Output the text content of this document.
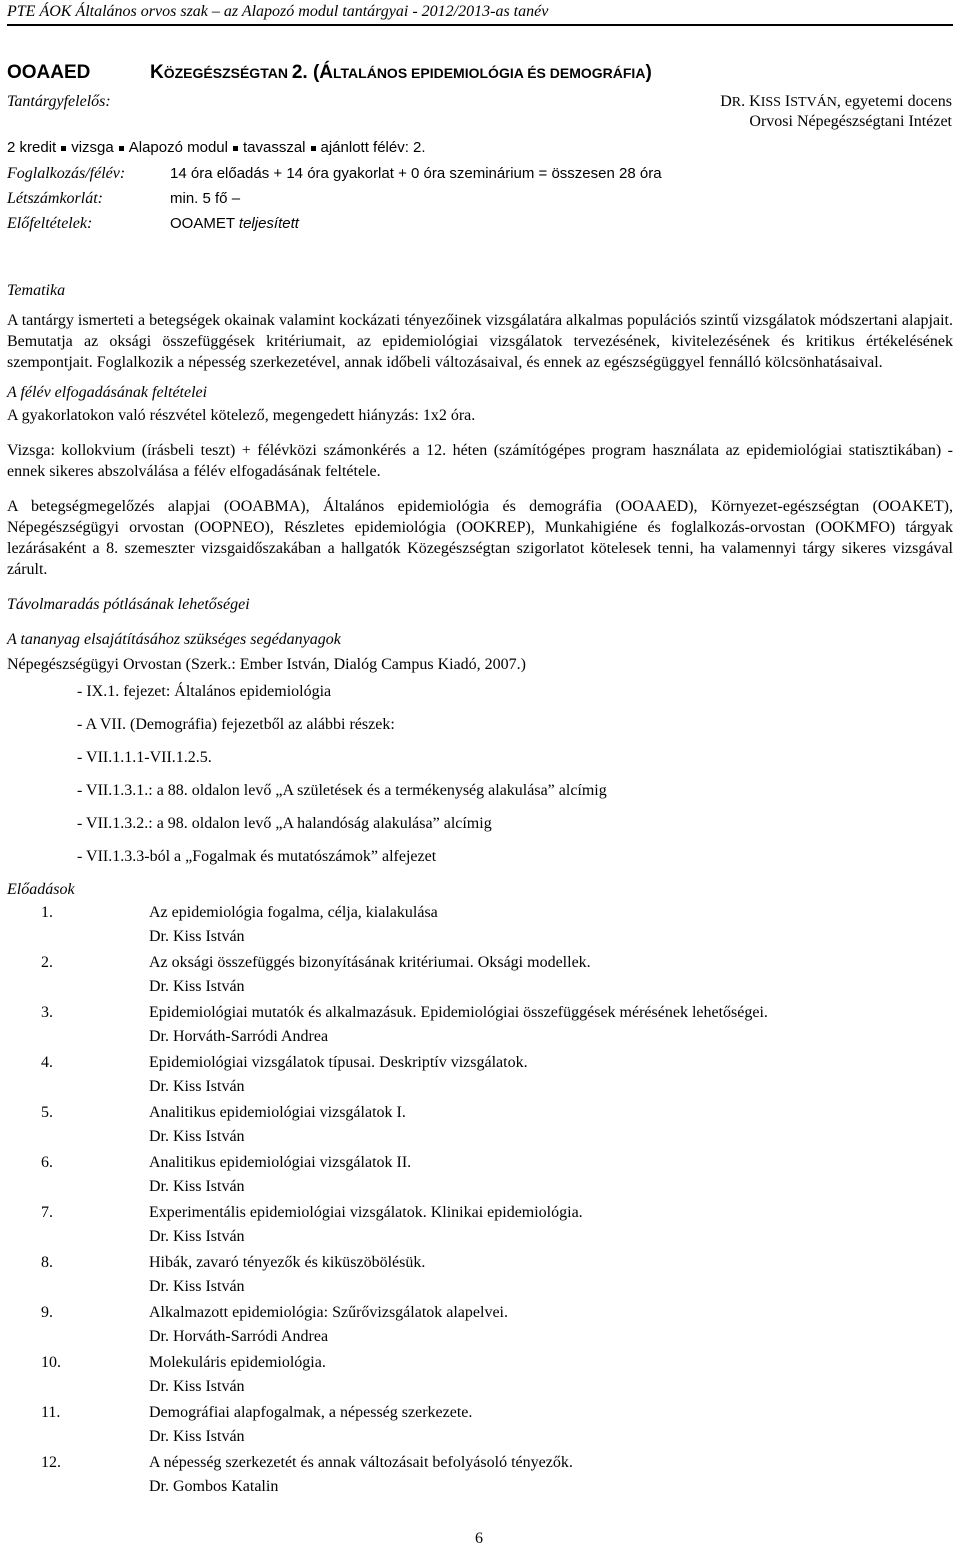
PTE ÁOK Általános orvos szak – az Alapozó modul tantárgyai - 2012/2013-as tanév
OOAAED	KÖZEGÉSZSÉGTAN 2. (ÁLTALÁNOS EPIDEMIOLÓGIA ÉS DEMOGRÁFIA)
Tantárgyfelelős:	DR. KISS ISTVÁN, egyetemi docens
Orvosi Népegészségtani Intézet
2 kredit vizsga Alapozó modul tavasszal ajánlott félév: 2.
Foglalkozás/félév:	14 óra előadás + 14 óra gyakorlat + 0 óra szeminárium = összesen 28 óra
Létszámkorlát:	min. 5 fő –
Előfeltételek:	OOAMET teljesített

Tematika

A tantárgy ismerteti a betegségek okainak valamint kockázati tényezőinek vizsgálatára alkalmas populációs szintű vizsgálatok módszertani alapjait. Bemutatja az oksági összefüggések kritériumait, az epidemiológiai vizsgálatok tervezésének, kivitelezésének és kritikus értékelésének szempontjait. Foglalkozik a népesség szerkezetével, annak időbeli változásaival, és ennek az egészségüggyel fennálló kölcsönhatásaival.

A félév elfogadásának feltételei

A gyakorlatokon való részvétel kötelező, megengedett hiányzás: 1x2 óra.

Vizsga: kollokvium (írásbeli teszt) + félévközi számonkérés a 12. héten (számítógépes program használata az epidemiológiai statisztikában) - ennek sikeres abszolválása a félév elfogadásának feltétele.

A betegségmegelőzés alapjai (OOABMA), Általános epidemiológia és demográfia (OOAAED), Környezet-egészségtan (OOAKET), Népegészségügyi orvostan (OOPNEO), Részletes epidemiológia (OOKREP), Munkahigiéne és foglalkozás-orvostan (OOKMFO) tárgyak lezárásaként a 8. szemeszter vizsgaidőszakában a hallgatók Közegészségtan szigorlatot kötelesek tenni, ha valamennyi tárgy sikeres vizsgával zárult.

Távolmaradás pótlásának lehetőségei

A tananyag elsajátításához szükséges segédanyagok

Népegészségügyi Orvostan (Szerk.: Ember István, Dialóg Campus Kiadó, 2007.)

- IX.1. fejezet: Általános epidemiológia
- A VII. (Demográfia) fejezetből az alábbi részek:
- VII.1.1.1-VII.1.2.5.
- VII.1.3.1.: a 88. oldalon levő „A születések és a termékenység alakulása” alcímig
- VII.1.3.2.: a 98. oldalon levő „A halandóság alakulása” alcímig
- VII.1.3.3-ból a „Fogalmak és mutatószámok” alfejezet

Előadások

1.	Az epidemiológia fogalma, célja, kialakulása
Dr. Kiss István
2.	Az oksági összefüggés bizonyításának kritériumai. Oksági modellek.
Dr. Kiss István
3.	Epidemiológiai mutatók és alkalmazásuk. Epidemiológiai összefüggések mérésének lehetőségei.
Dr. Horváth-Sarródi Andrea
4.	Epidemiológiai vizsgálatok típusai. Deskriptív vizsgálatok.
Dr. Kiss István
5.	Analitikus epidemiológiai vizsgálatok I.
Dr. Kiss István
6.	Analitikus epidemiológiai vizsgálatok II.
Dr. Kiss István
7.	Experimentális epidemiológiai vizsgálatok. Klinikai epidemiológia.
Dr. Kiss István
8.	Hibák, zavaró tényezők és kiküszöbölésük.
Dr. Kiss István
9.	Alkalmazott epidemiológia: Szűrővizsgálatok alapelvei.
Dr. Horváth-Sarródi Andrea
10.	Molekuláris epidemiológia.
Dr. Kiss István
11.	Demográfiai alapfogalmak, a népesség szerkezete.
Dr. Kiss István
12.	A népesség szerkezetét és annak változásait befolyásoló tényezők.
Dr. Gombos Katalin
6
